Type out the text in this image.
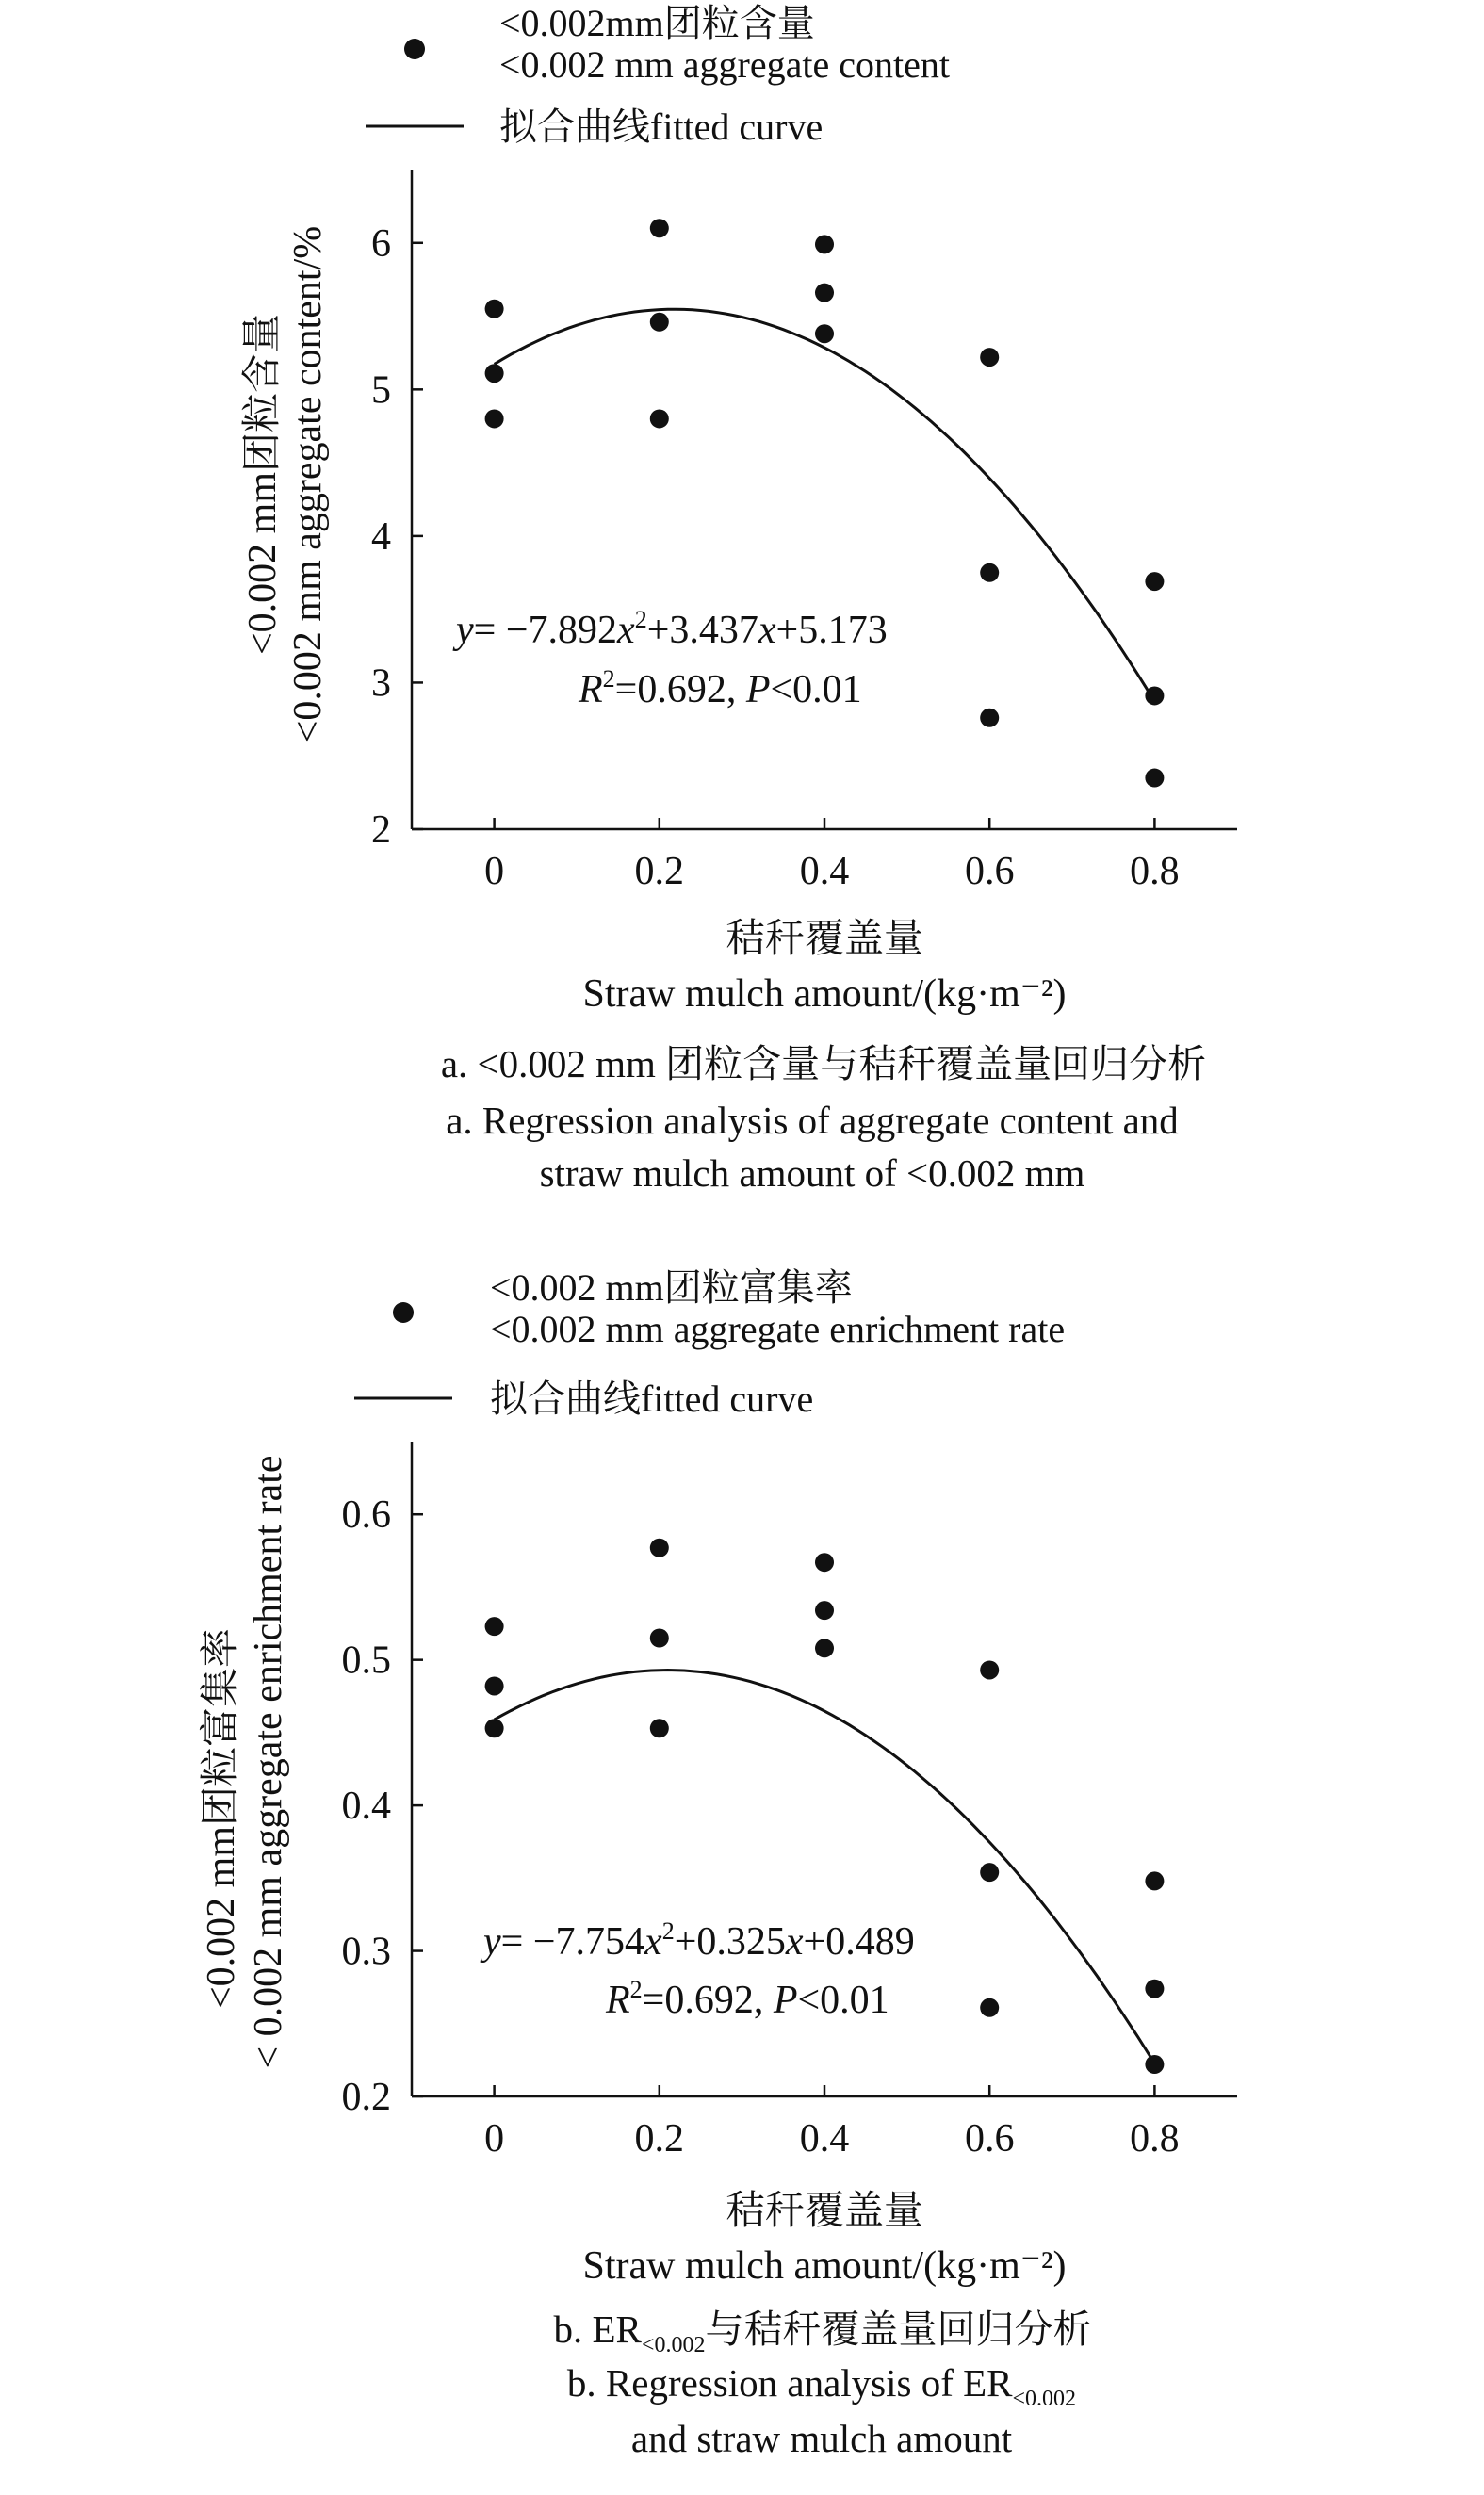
<0.002mm团粒含量
<0.002 mm aggregate content
拟合曲线fitted curve
<0.002 mm团粒含量 <0.002 mm aggregate content/%
0	0.2	0.4	0.6	0.8
2
3
4
5
6
$y= -7.892x^2+3.437x+5.173$
$R^2=0.692$, P<0.01
秸秆覆盖量
Straw mulch amount/(kg·m⁻²)
a. <0.002 mm 团粒含量与秸秆覆盖量回归分析
a. Regression analysis of aggregate content and
straw mulch amount of <0.002 mm
<0.002 mm团粒富集率
<0.002 mm aggregate enrichment rate
拟合曲线fitted curve
<0.002 mm团粒富集率 < 0.002 mm aggregate enrichment rate
0	0.2	0.4	0.6	0.8
0.2
0.3
0.4
0.5
0.6
$y= -7.754x^2+0.325x+0.489$
$R^2=0.692$, P<0.01
秸秆覆盖量
Straw mulch amount/(kg·m⁻²)
b. $ER_{<0.002}$与秸秆覆盖量回归分析
b. Regression analysis of $ER_{<0.002}$
and straw mulch amount
